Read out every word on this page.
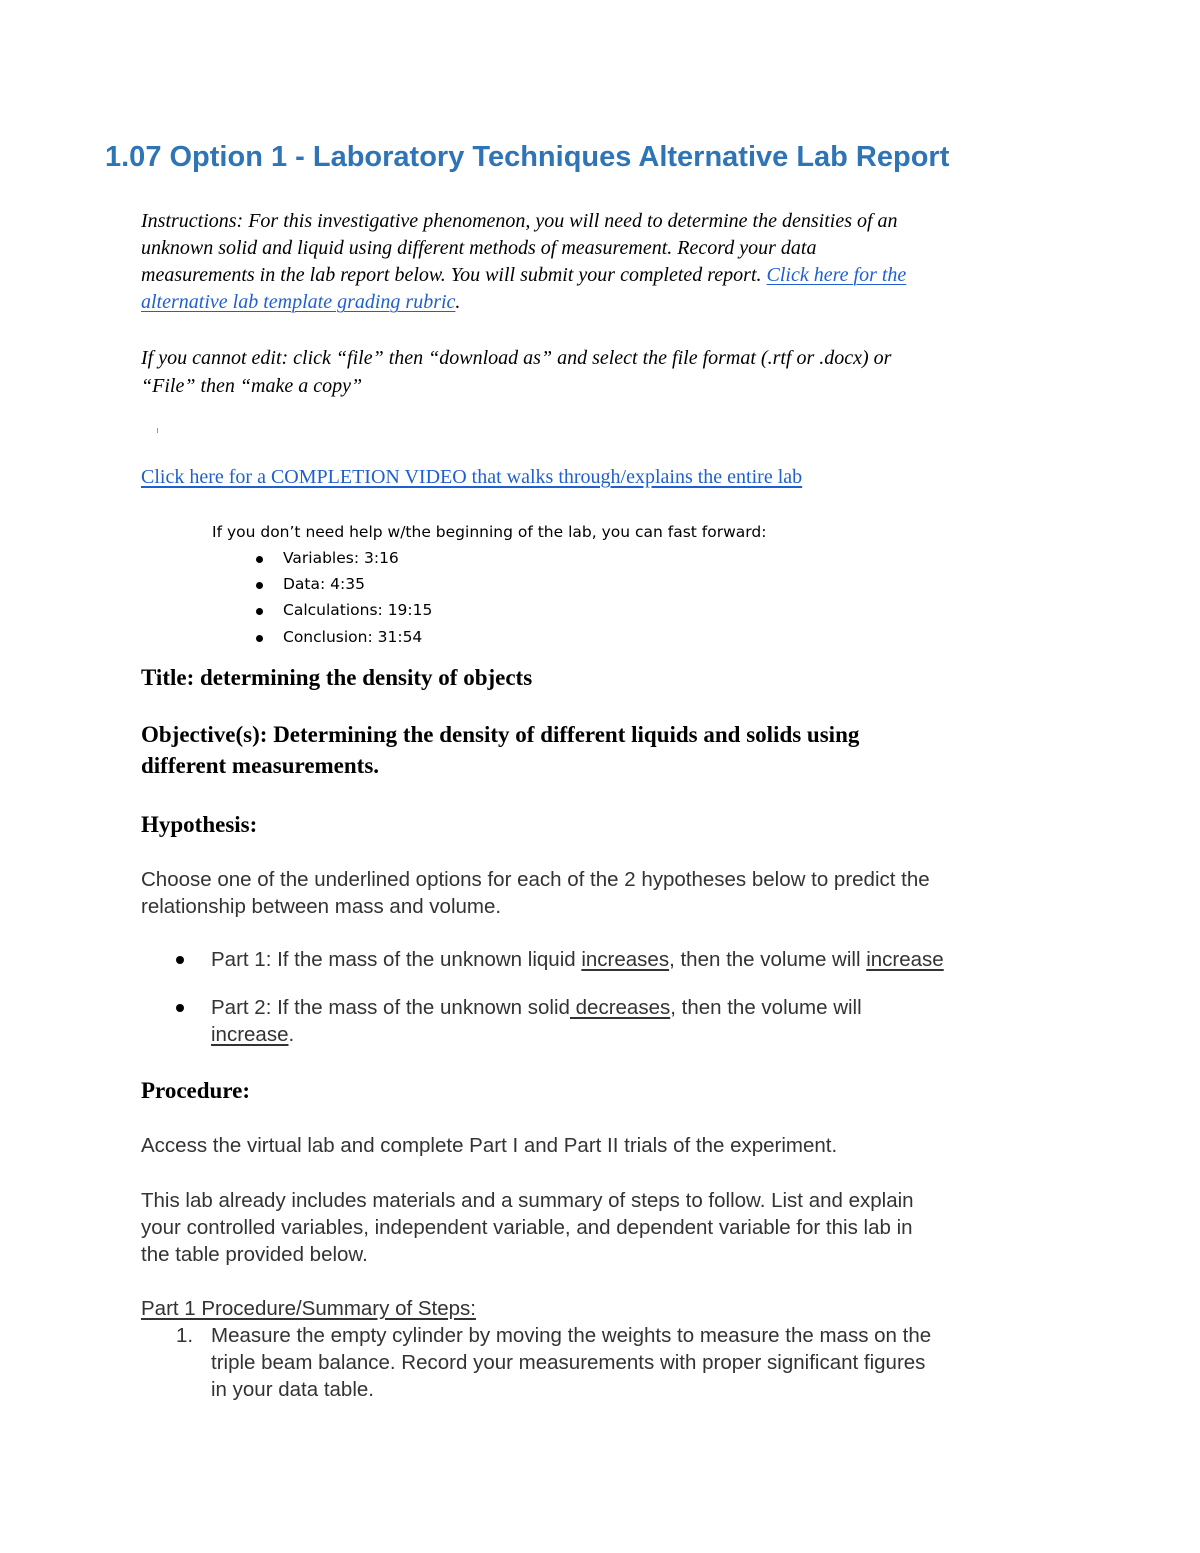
1.07 Option 1 - Laboratory Techniques Alternative Lab Report
Instructions: For this investigative phenomenon, you will need to determine the densities of an
unknown solid and liquid using different methods of measurement. Record your data
measurements in the lab report below. You will submit your completed report. Click here for the
alternative lab template grading rubric.
If you cannot edit: click “file” then “download as” and select the file format (.rtf or .docx) or
“File” then “make a copy”
Click here for a COMPLETION VIDEO that walks through/explains the entire lab
If you don’t need help w/the beginning of the lab, you can fast forward:
Variables: 3:16
Data: 4:35
Calculations: 19:15
Conclusion: 31:54
Title: determining the density of objects
Objective(s): Determining the density of different liquids and solids using
different measurements.
Hypothesis:
Choose one of the underlined options for each of the 2 hypotheses below to predict the
relationship between mass and volume.
Part 1: If the mass of the unknown liquid increases, then the volume will increase
Part 2: If the mass of the unknown solid decreases, then the volume will
increase.
Procedure:
Access the virtual lab and complete Part I and Part II trials of the experiment.
This lab already includes materials and a summary of steps to follow. List and explain
your controlled variables, independent variable, and dependent variable for this lab in
the table provided below.
Part 1 Procedure/Summary of Steps:
1. Measure the empty cylinder by moving the weights to measure the mass on the
triple beam balance. Record your measurements with proper significant figures
in your data table.
